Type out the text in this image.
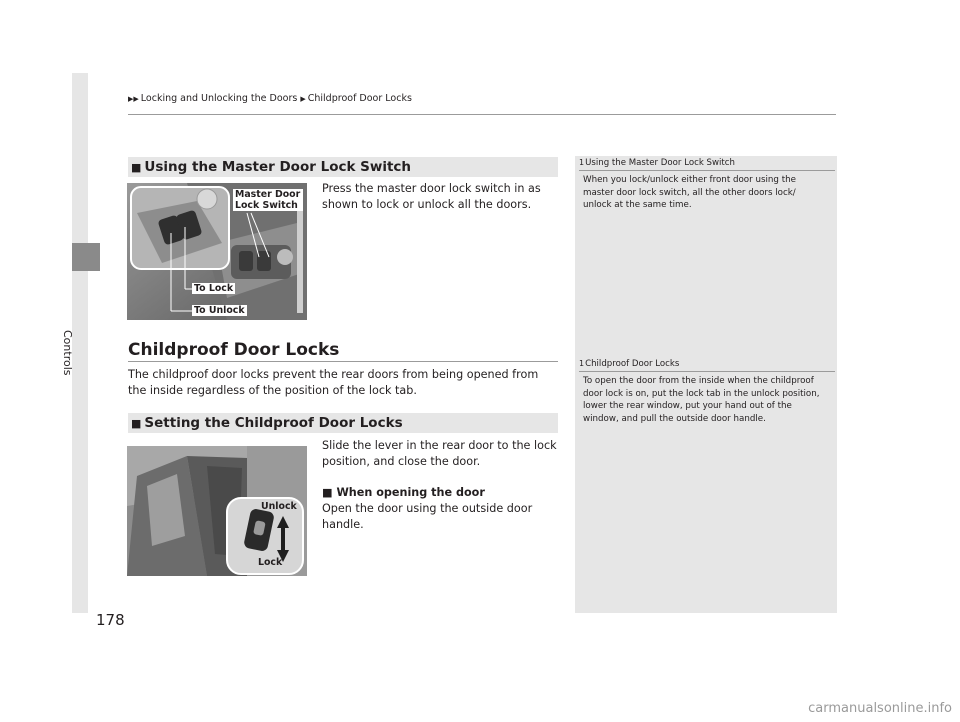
Controls
▶▶ Locking and Unlocking the Doors ▶ Childproof Door Locks
■ Using the Master Door Lock Switch
Master Door Lock Switch
To Lock
To Unlock
Press the master door lock switch in as shown to lock or unlock all the doors.
Childproof Door Locks
The childproof door locks prevent the rear doors from being opened from the inside regardless of the position of the lock tab.
■ Setting the Childproof Door Locks
Unlock
Lock
Slide the lever in the rear door to the lock position, and close the door.
■ When opening the door
Open the door using the outside door handle.
1Using the Master Door Lock Switch
When you lock/unlock either front door using the master door lock switch, all the other doors lock/ unlock at the same time.
1Childproof Door Locks
To open the door from the inside when the childproof door lock is on, put the lock tab in the unlock position, lower the rear window, put your hand out of the window, and pull the outside door handle.
178
carmanualsonline.info
